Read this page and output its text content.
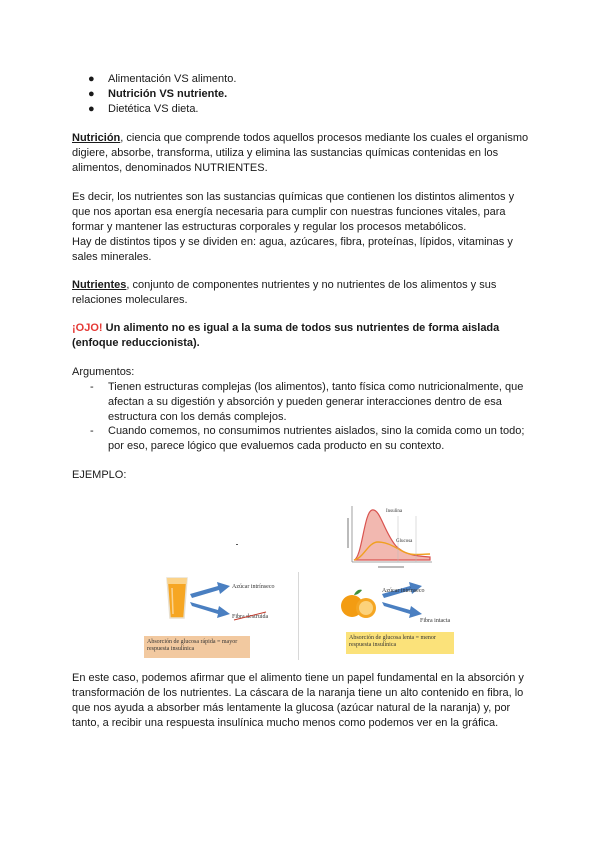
● Alimentación VS alimento.
● Nutrición VS nutriente.
● Dietética VS dieta.
Nutrición, ciencia que comprende todos aquellos procesos mediante los cuales el organismo digiere, absorbe, transforma, utiliza y elimina las sustancias químicas contenidas en los alimentos, denominados NUTRIENTES.
Es decir, los nutrientes son las sustancias químicas que contienen los distintos alimentos y que nos aportan esa energía necesaria para cumplir con nuestras funciones vitales, para formar y mantener las estructuras corporales y regular los procesos metabólicos.
Hay de distintos tipos y se dividen en: agua, azúcares, fibra, proteínas, lípidos, vitaminas y sales minerales.
Nutrientes, conjunto de componentes nutrientes y no nutrientes de los alimentos y sus relaciones moleculares.
¡OJO! Un alimento no es igual a la suma de todos sus nutrientes de forma aislada (enfoque reduccionista).
Argumentos:
- Tienen estructuras complejas (los alimentos), tanto física como nutricionalmente, que afectan a su digestión y absorción y pueden generar interacciones dentro de esa estructura con los demás complejos.
- Cuando comemos, no consumimos nutrientes aislados, sino la comida como un todo; por eso, parece lógico que evaluemos cada producto en su contexto.
EJEMPLO:
Insulina
Glucosa
Azúcar intrínseco
Fibra destruida
Absorción de glucosa rápida = mayor respuesta insulínica
Azúcar intrínseco
Fibra intacta
Absorción de glucosa lenta = menor respuesta insulínica
En este caso, podemos afirmar que el alimento tiene un papel fundamental en la absorción y transformación de los nutrientes. La cáscara de la naranja tiene un alto contenido en fibra, lo que nos ayuda a absorber más lentamente la glucosa (azúcar natural de la naranja) y, por tanto, a recibir una respuesta insulínica mucho menos como podemos ver en la gráfica.
